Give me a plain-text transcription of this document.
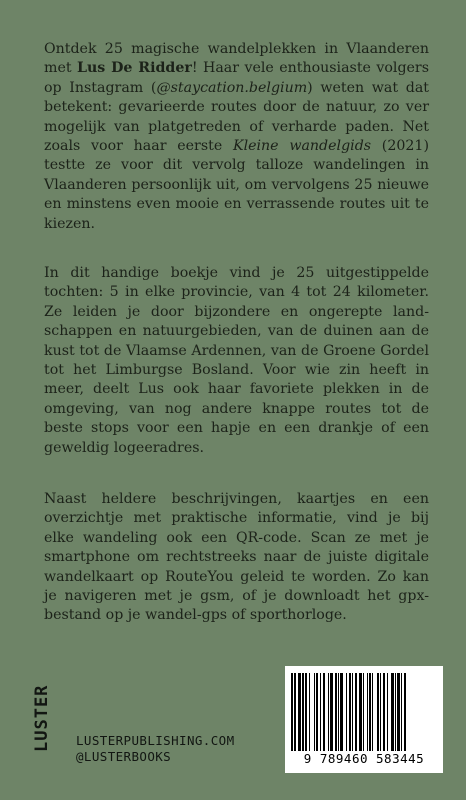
Ontdek 25 magische wandelplekken in Vlaanderen met Lus De Ridder! Haar vele enthousiaste volgers op Instagram (@staycation.belgium) weten wat dat betekent: gevarieerde routes door de natuur, zo ver mogelijk van platgetreden of verharde paden. Net zoals voor haar eerste Kleine wandelgids (2021) testte ze voor dit vervolg talloze wandelingen in Vlaanderen persoonlijk uit, om vervolgens 25 nieuwe en minstens even mooie en verrassende routes uit te kiezen.

In dit handige boekje vind je 25 uitgestippelde tochten: 5 in elke provincie, van 4 tot 24 kilometer. Ze leiden je door bijzondere en ongerepte landschappen en natuurgebieden, van de duinen aan de kust tot de Vlaamse Ardennen, van de Groene Gordel tot het Limburgse Bosland. Voor wie zin heeft in meer, deelt Lus ook haar favoriete plekken in de omgeving, van nog andere knappe routes tot de beste stops voor een hapje en een drankje of een geweldig logeeradres.

Naast heldere beschrijvingen, kaartjes en een overzichtje met praktische informatie, vind je bij elke wandeling ook een QR-code. Scan ze met je smartphone om rechtstreeks naar de juiste digitale wandelkaart op RouteYou geleid te worden. Zo kan je navigeren met je gsm, of je downloadt het gpx-bestand op je wandel-gps of sporthorloge.

LUSTER LUSTERPUBLISHING.COM
@LUSTERBOOKS	9 789460 583445
